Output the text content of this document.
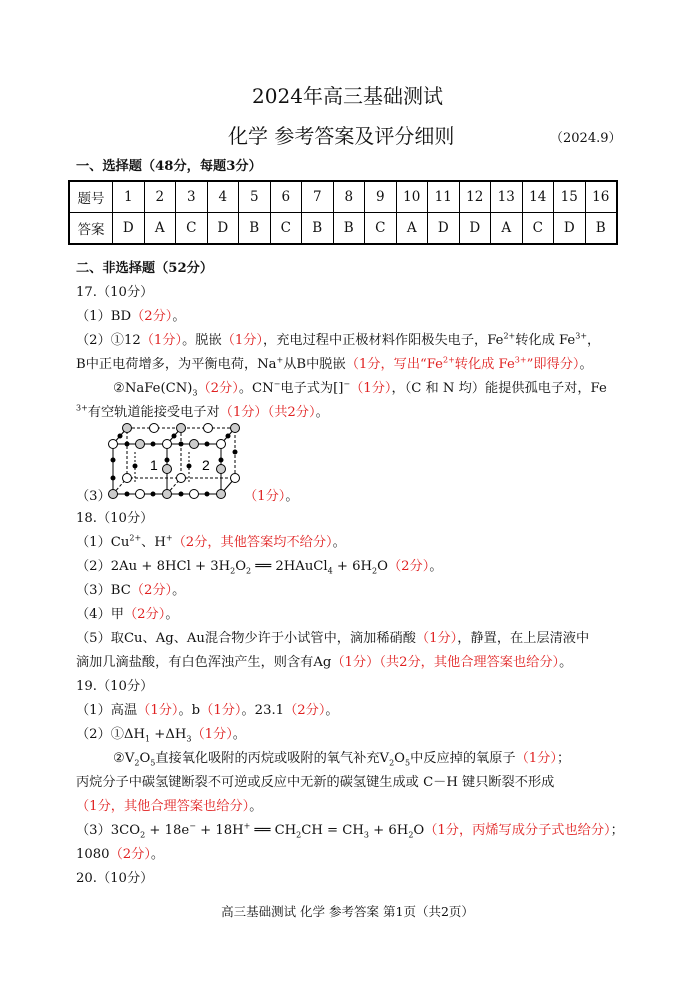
2024年高三基础测试
化学 参考答案及评分细则	（2024.9）
一、选择题（48分，每题3分）
题号	1	2	3	4	5	6	7	8	9	10	11	12	13	14	15	16
答案	D	A	C	D	B	C	B	B	C	A	D	D	A	C	D	B
二、非选择题（52分）
17.（10分）
（1）BD（2分）。
（2）①12（1分）。脱嵌（1分），充电过程中正极材料作阳极失电子，$Fe^{2+}$转化成 $Fe^{3+}$，
B中正电荷增多，为平衡电荷，Na+从B中脱嵌（1分，写出“$Fe^{2+}$转化成 $Fe^{3+}$”即得分）。
$②NaFe(CN)_3(2$分）。CN−电子式为[]−（1分），（C 和 N 均）能提供孤电子对，Fe
$^{3+}$有空轨道能接受电子对（1分）（共2分）。
1	2
（3）	（1分）。
18.（10分）
$(1)Cu^{2+}$、H+（2分，其他答案均不给分）。
$(2)2Au + 8HCl + 3H_2O_2$ ══ 2HAuCl$_4$ + $6H_2O(2$分）。
（3）BC（2分）。
（4）甲（2分）。
（5）取Cu、Ag、Au混合物少许于小试管中，滴加稀硝酸（1分），静置，在上层清液中
滴加几滴盐酸，有白色浑浊产生，则含有Ag（1分）（共2分，其他合理答案也给分）。
19.（10分）
（1）高温（1分）。b（1分）。23.1（2分）。
$(2)①\Delta H_1 +\Delta H_3(1$分）。
$②V_2O_5$直接氧化吸附的丙烷或吸附的氧气补充$V_2O_5$中反应掉的氧原子（1分）；
丙烷分子中碳氢键断裂不可逆或反应中无新的碳氢键生成或 C－H 键只断裂不形成
（1分，其他合理答案也给分）。
$(3)3CO_2 + 18e^- + 18H^+$ ══ $CH_2CH = CH_3 + 6H_2O(1$分，丙烯写成分子式也给分）；
1080（2分）。
20.（10分）
高三基础测试 化学 参考答案 第1页（共2页）
